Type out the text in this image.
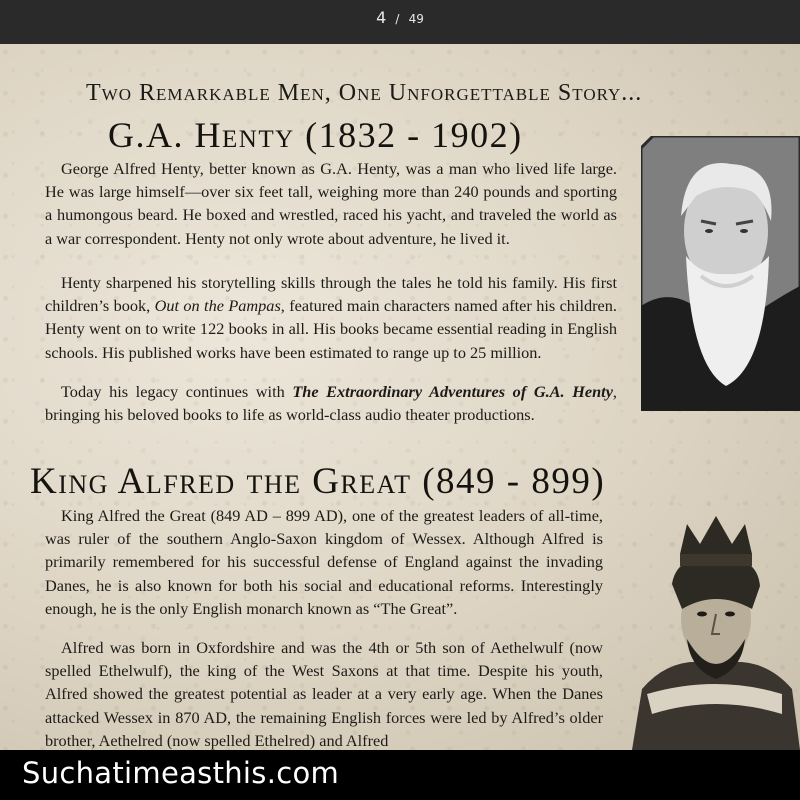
4 / 49
Two Remarkable Men, One Unforgettable Story...
G.A. Henty (1832 - 1902)

George Alfred Henty, better known as G.A. Henty, was a man who lived life large. He was large himself—over six feet tall, weighing more than 240 pounds and sporting a humongous beard. He boxed and wrestled, raced his yacht, and traveled the world as a war correspondent. Henty not only wrote about adventure, he lived it.

Henty sharpened his storytelling skills through the tales he told his family. His first children’s book, Out on the Pampas, featured main characters named after his children. Henty went on to write 122 books in all. His books became essential reading in English schools. His published works have been estimated to range up to 25 million.

Today his legacy continues with The Extraordinary Adventures of G.A. Henty, bringing his beloved books to life as world-class audio theater productions.

King Alfred the Great (849 - 899)

King Alfred the Great (849 AD – 899 AD), one of the greatest leaders of all-time, was ruler of the southern Anglo-Saxon kingdom of Wessex. Although Alfred is primarily remembered for his successful defense of England against the invading Danes, he is also known for both his social and educational reforms. Interestingly enough, he is the only English monarch known as “The Great”.

Alfred was born in Oxfordshire and was the 4th or 5th son of Aethelwulf (now spelled Ethelwulf), the king of the West Saxons at that time. Despite his youth, Alfred showed the greatest potential as leader at a very early age. When the Danes attacked Wessex in 870 AD, the remaining English forces were led by Alfred’s older brother, Aethelred (now spelled Ethelred) and Alfred

Suchatimeasthis.com
